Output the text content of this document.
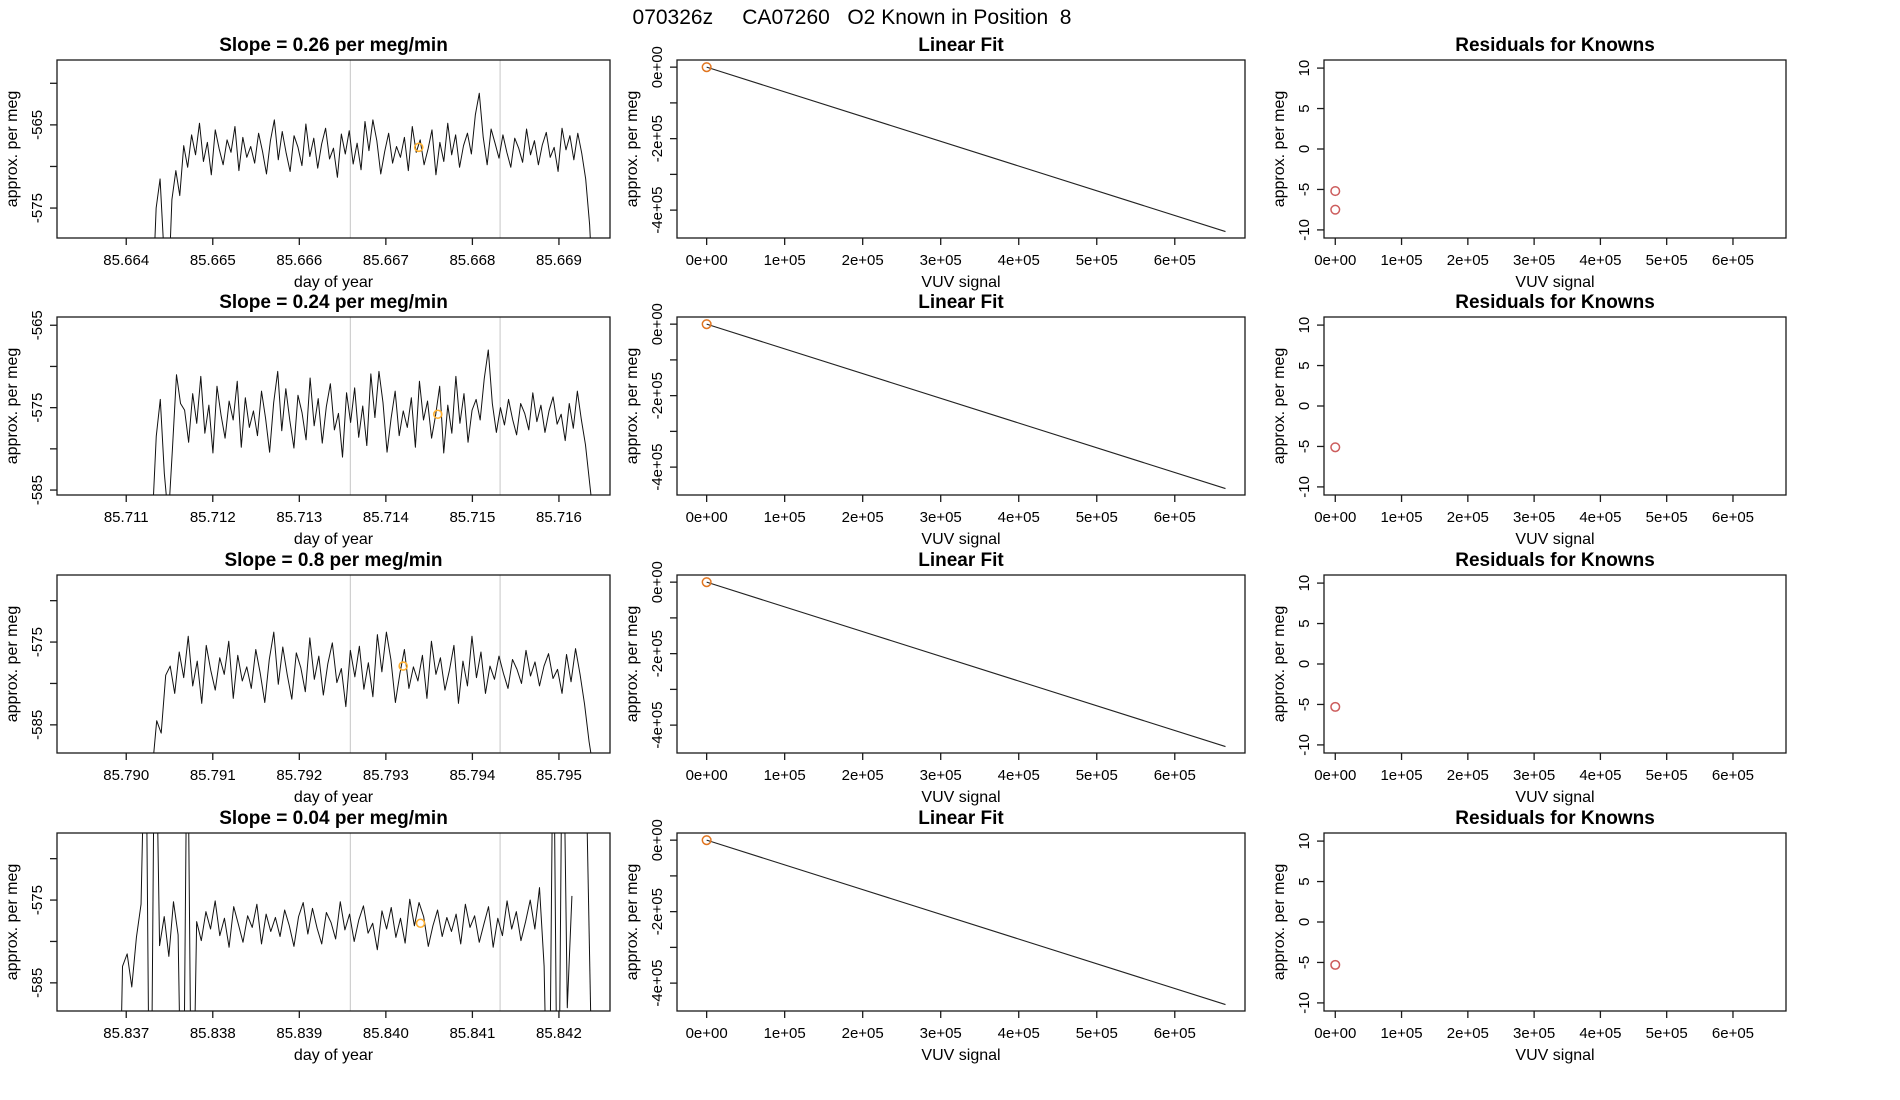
070326z     CA07260   O2 Known in Position  8
85.664	85.665	85.666	85.667	85.668	85.669
-575
-565
day of year
approx. per meg
Slope = 0.26 per meg/min
0e+00 1e+05 2e+05 3e+05 4e+05 5e+05 6e+05
0e+00
-2e+05
-4e+05
VUV signal
approx. per meg
Linear Fit
0e+00 1e+05 2e+05 3e+05 4e+05 5e+05 6e+05
-10
-5
0
5
10
VUV signal
approx. per meg
Residuals for Knowns
85.711	85.712	85.713	85.714	85.715	85.716
-585
-575
-565
day of year
approx. per meg
Slope = 0.24 per meg/min
0e+00 1e+05 2e+05 3e+05 4e+05 5e+05 6e+05
0e+00
-2e+05
-4e+05
VUV signal
approx. per meg
Linear Fit
0e+00 1e+05 2e+05 3e+05 4e+05 5e+05 6e+05
-10
-5
0
5
10
VUV signal
approx. per meg
Residuals for Knowns
85.790	85.791	85.792	85.793	85.794	85.795
-585
-575
day of year
approx. per meg
Slope = 0.8 per meg/min
0e+00 1e+05 2e+05 3e+05 4e+05 5e+05 6e+05
0e+00
-2e+05
-4e+05
VUV signal
approx. per meg
Linear Fit
0e+00 1e+05 2e+05 3e+05 4e+05 5e+05 6e+05
-10
-5
0
5
10
VUV signal
approx. per meg
Residuals for Knowns
85.837	85.838	85.839	85.840	85.841	85.842
-585
-575
day of year
approx. per meg
Slope = 0.04 per meg/min
0e+00 1e+05 2e+05 3e+05 4e+05 5e+05 6e+05
0e+00
-2e+05
-4e+05
VUV signal
approx. per meg
Linear Fit
0e+00 1e+05 2e+05 3e+05 4e+05 5e+05 6e+05
-10
-5
0
5
10
VUV signal
approx. per meg
Residuals for Knowns
